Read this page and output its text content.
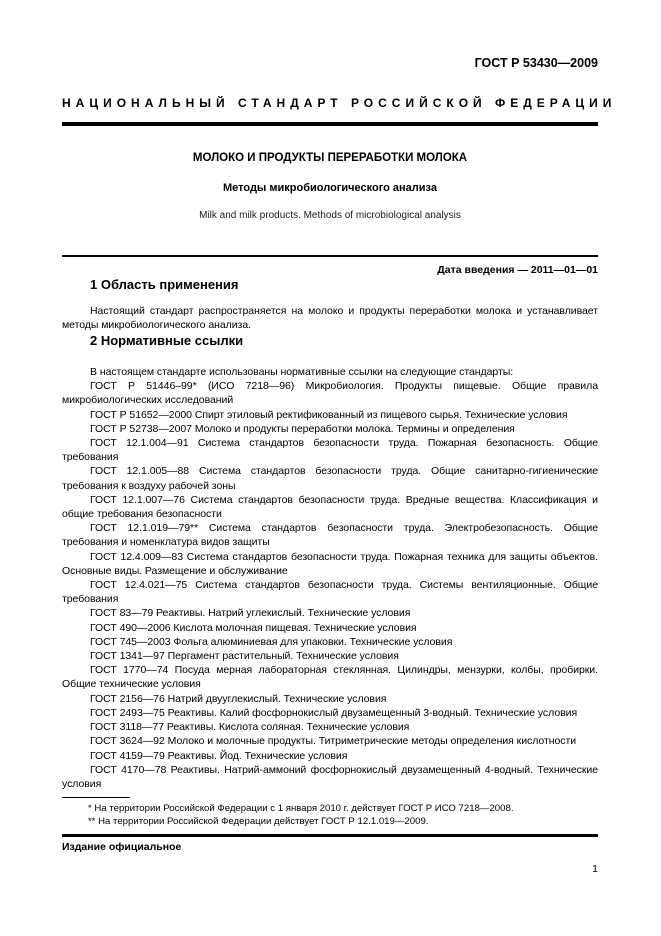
ГОСТ Р 53430—2009
НАЦИОНАЛЬНЫЙ СТАНДАРТ РОССИЙСКОЙ ФЕДЕРАЦИИ
МОЛОКО И ПРОДУКТЫ ПЕРЕРАБОТКИ МОЛОКА
Методы микробиологического анализа
Milk and milk products. Methods of microbiological analysis
Дата введения — 2011—01—01
1 Область применения

Настоящий стандарт распространяется на молоко и продукты переработки молока и устанавливает методы микробиологического анализа.

2 Нормативные ссылки

В настоящем стандарте использованы нормативные ссылки на следующие стандарты:

ГОСТ Р 51446–99* (ИСО 7218—96) Микробиология. Продукты пищевые. Общие правила микробиологических исследований

ГОСТ Р 51652—2000 Спирт этиловый ректификованный из пищевого сырья. Технические условия

ГОСТ Р 52738—2007 Молоко и продукты переработки молока. Термины и определения

ГОСТ 12.1.004—91 Система стандартов безопасности труда. Пожарная безопасность. Общие требования

ГОСТ 12.1.005—88 Система стандартов безопасности труда. Общие санитарно-гигиенические требования к воздуху рабочей зоны

ГОСТ 12.1.007—76 Система стандартов безопасности труда. Вредные вещества. Классификация и общие требования безопасности

ГОСТ 12.1.019—79** Система стандартов безопасности труда. Электробезопасность. Общие требования и номенклатура видов защиты

ГОСТ 12.4.009—83 Система стандартов безопасности труда. Пожарная техника для защиты объектов. Основные виды. Размещение и обслуживание

ГОСТ 12.4.021—75 Система стандартов безопасности труда. Системы вентиляционные. Общие требования

ГОСТ 83—79 Реактивы. Натрий углекислый. Технические условия

ГОСТ 490—2006 Кислота молочная пищевая. Технические условия

ГОСТ 745—2003 Фольга алюминиевая для упаковки. Технические условия

ГОСТ 1341—97 Пергамент растительный. Технические условия

ГОСТ 1770—74 Посуда мерная лабораторная стеклянная. Цилиндры, мензурки, колбы, пробирки. Общие технические условия

ГОСТ 2156—76 Натрий двууглекислый. Технические условия

ГОСТ 2493—75 Реактивы. Калий фосфорнокислый двузамещенный 3-водный. Технические условия

ГОСТ 3118—77 Реактивы. Кислота соляная. Технические условия

ГОСТ 3624—92 Молоко и молочные продукты. Титриметрические методы определения кислотности

ГОСТ 4159—79 Реактивы. Йод. Технические условия

ГОСТ 4170—78 Реактивы. Натрий-аммоний фосфорнокислый двузамещенный 4-водный. Технические условия

* На территории Российской Федерации с 1 января 2010 г. действует ГОСТ Р ИСО 7218—2008.

** На территории Российской Федерации действует ГОСТ Р 12.1.019—2009.

Издание официальное
1
